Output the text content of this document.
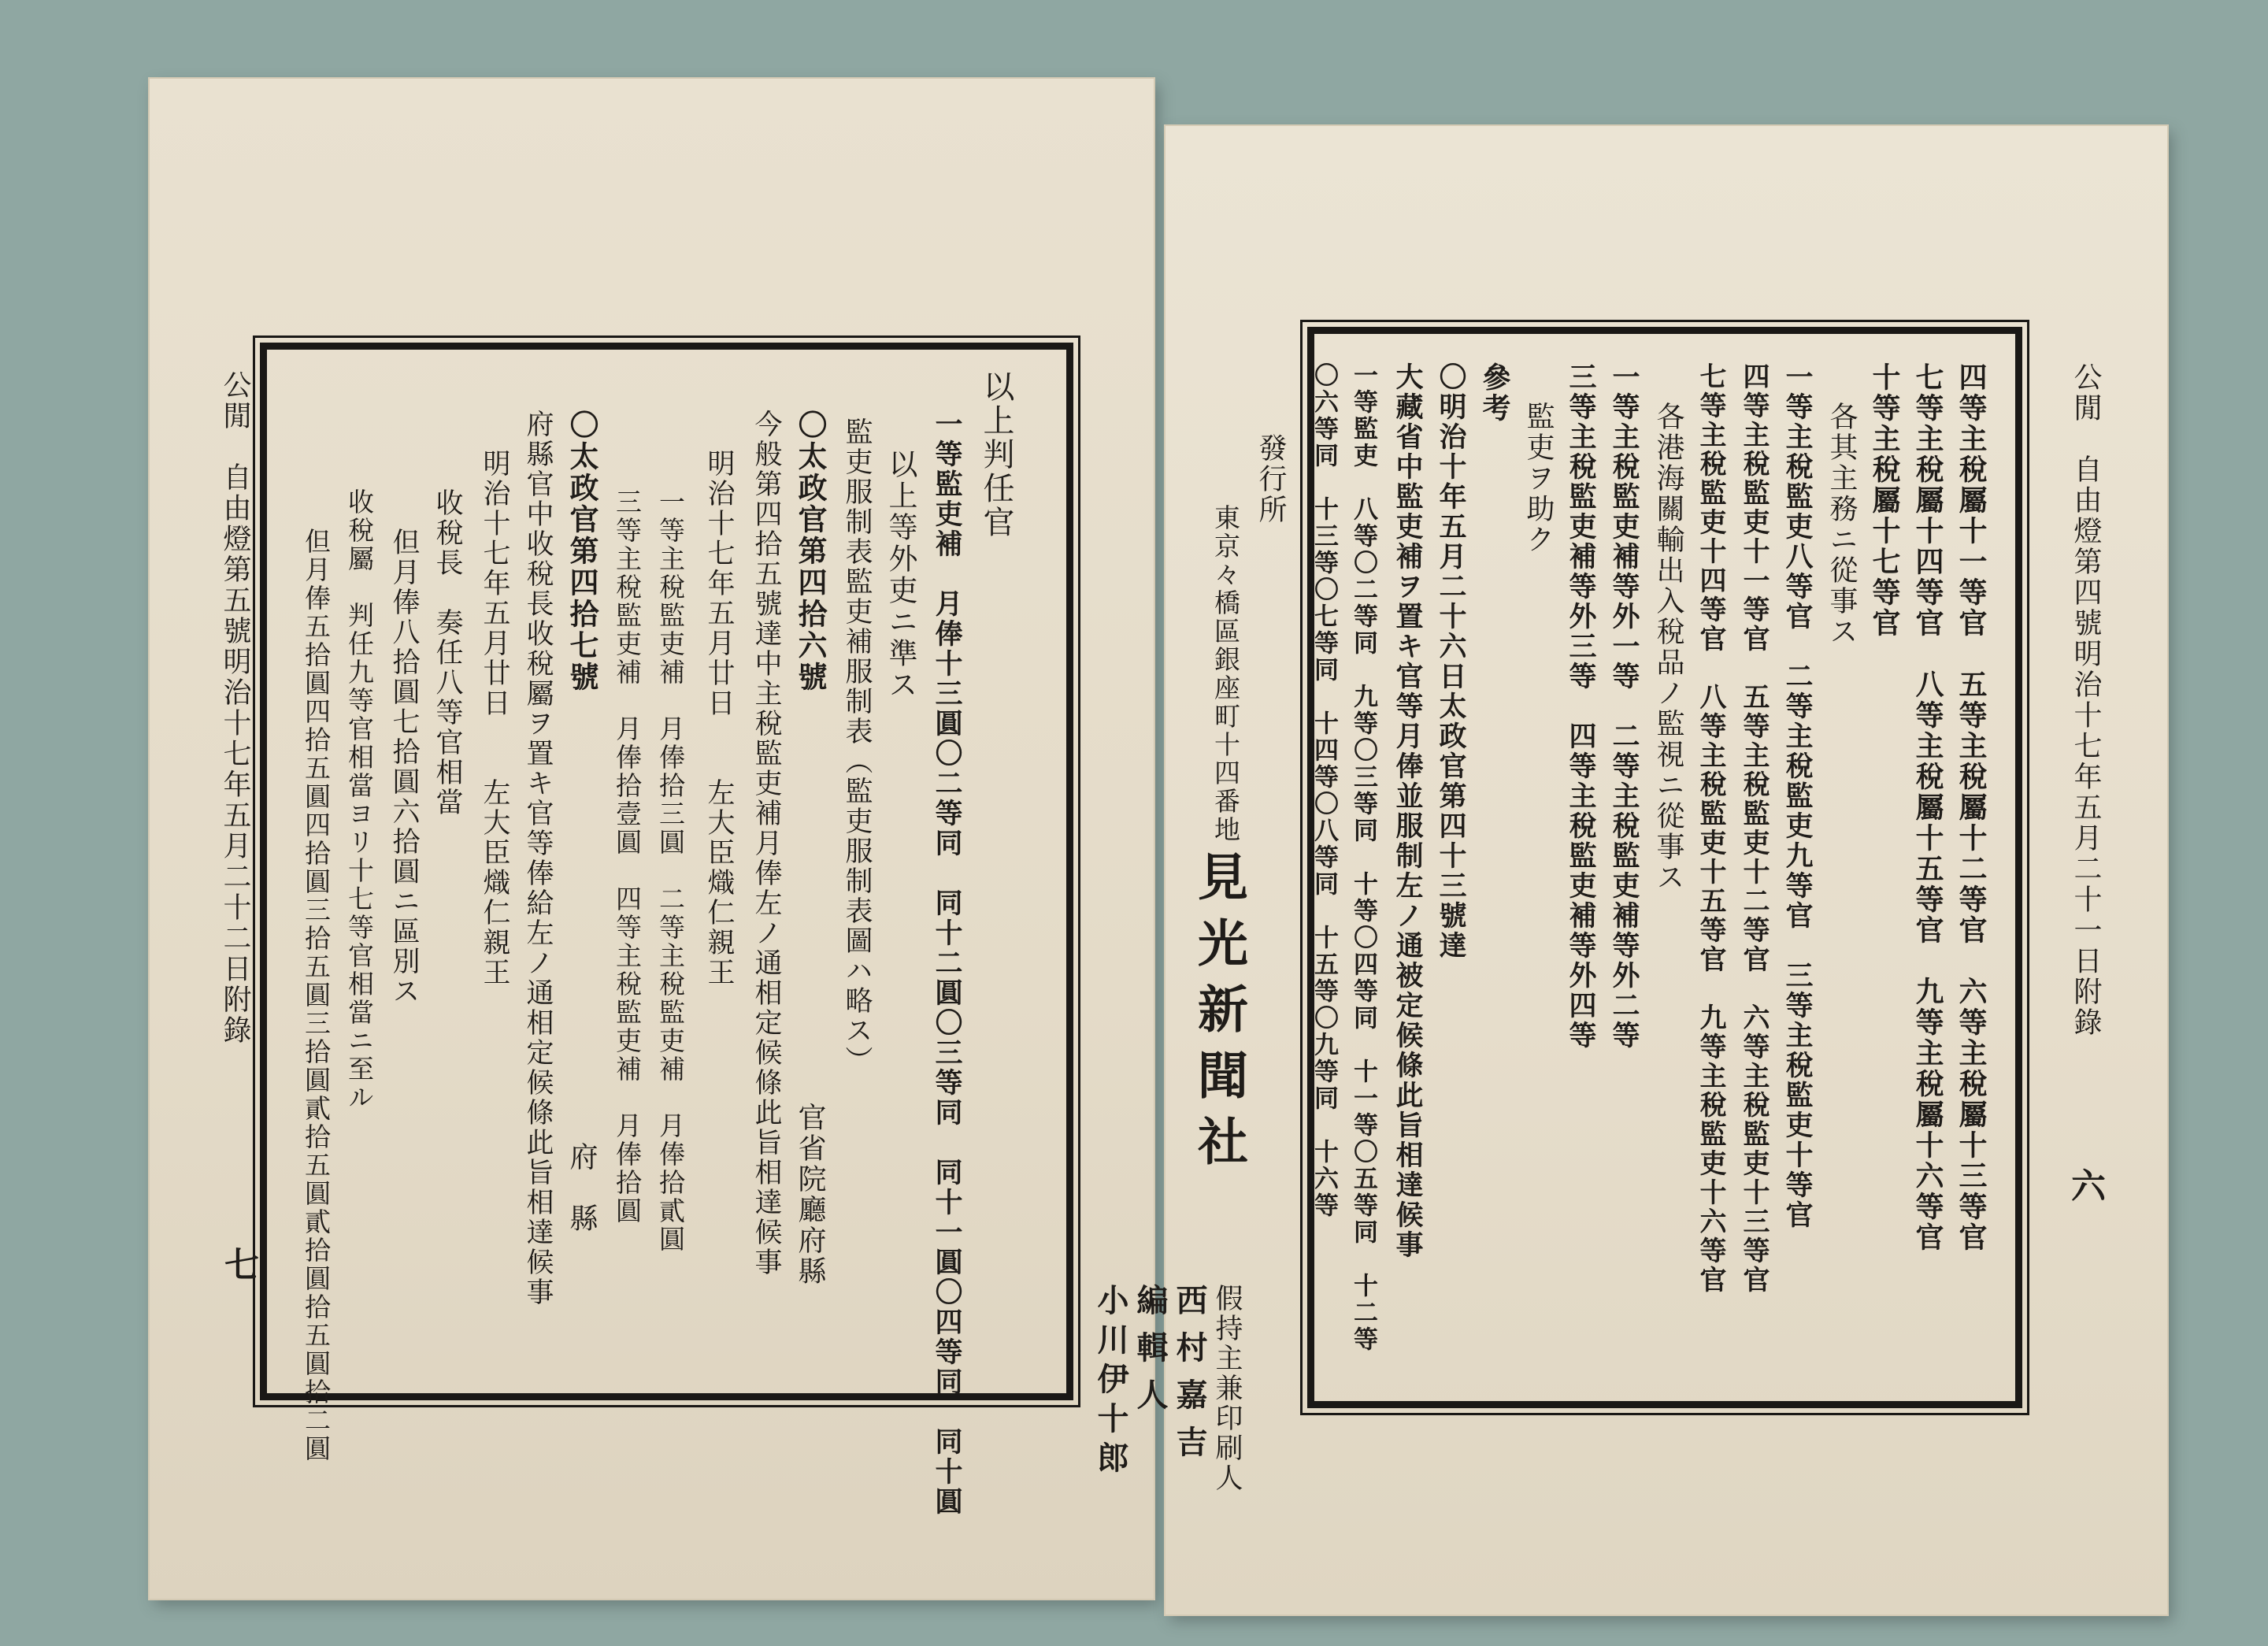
以上判任官
一等監吏補　月俸十三圓〇二等同　同十二圓〇三等同　同十一圓〇四等同　同十圓
以上等外吏ニ準ス
監吏服制表監吏補服制表（監吏服制表圖ハ略ス）
〇太政官第四拾六號
今般第四拾五號達中主稅監吏補月俸左ノ通相定候條此旨相達候事
明治十七年五月廿日　　左大臣熾仁親王
一等主稅監吏補　月俸拾三圓　二等主稅監吏補　月俸拾貳圓
三等主稅監吏補　月俸拾壹圓　四等主稅監吏補　月俸拾圓
〇太政官第四拾七號
府縣官中收稅長收稅屬ヲ置キ官等俸給左ノ通相定候條此旨相達候事
明治十七年五月廿日　　左大臣熾仁親王
收稅長　奏任八等官相當
但月俸八拾圓七拾圓六拾圓ニ區別ス
收稅屬　判任九等官相當ヨリ十七等官相當ニ至ル
但月俸五拾圓四拾五圓四拾圓三拾五圓三拾圓貳拾五圓貳拾圓拾五圓拾二圓	官省院廳府縣
府　縣
公閒　自由燈第五號明治十七年五月二十二日附錄
七
四等主稅屬十一等官　五等主稅屬十二等官　六等主稅屬十三等官
七等主稅屬十四等官　八等主稅屬十五等官　九等主稅屬十六等官
十等主稅屬十七等官
各其主務ニ從事ス
一等主稅監吏八等官　二等主稅監吏九等官　三等主稅監吏十等官
四等主稅監吏十一等官　五等主稅監吏十二等官　六等主稅監吏十三等官
七等主稅監吏十四等官　八等主稅監吏十五等官　九等主稅監吏十六等官
各港海關輸出入稅品ノ監視ニ從事ス
一等主稅監吏補等外一等　二等主稅監吏補等外二等
三等主稅監吏補等外三等　四等主稅監吏補等外四等
監吏ヲ助ク
參考
〇明治十年五月二十六日太政官第四十三號達
大藏省中監吏補ヲ置キ官等月俸並服制左ノ通被定候條此旨相達候事
一等監吏　八等〇二等同　九等〇三等同　十等〇四等同　十一等〇五等同　十二等
〇六等同　十三等〇七等同　十四等〇八等同　十五等〇九等同　十六等
發行所
東京々橋區銀座町十四番地
見光新聞社
假持主兼印刷人
西村嘉吉
編輯人
小川伊十郎
公閒　自由燈第四號明治十七年五月二十一日附錄
六
